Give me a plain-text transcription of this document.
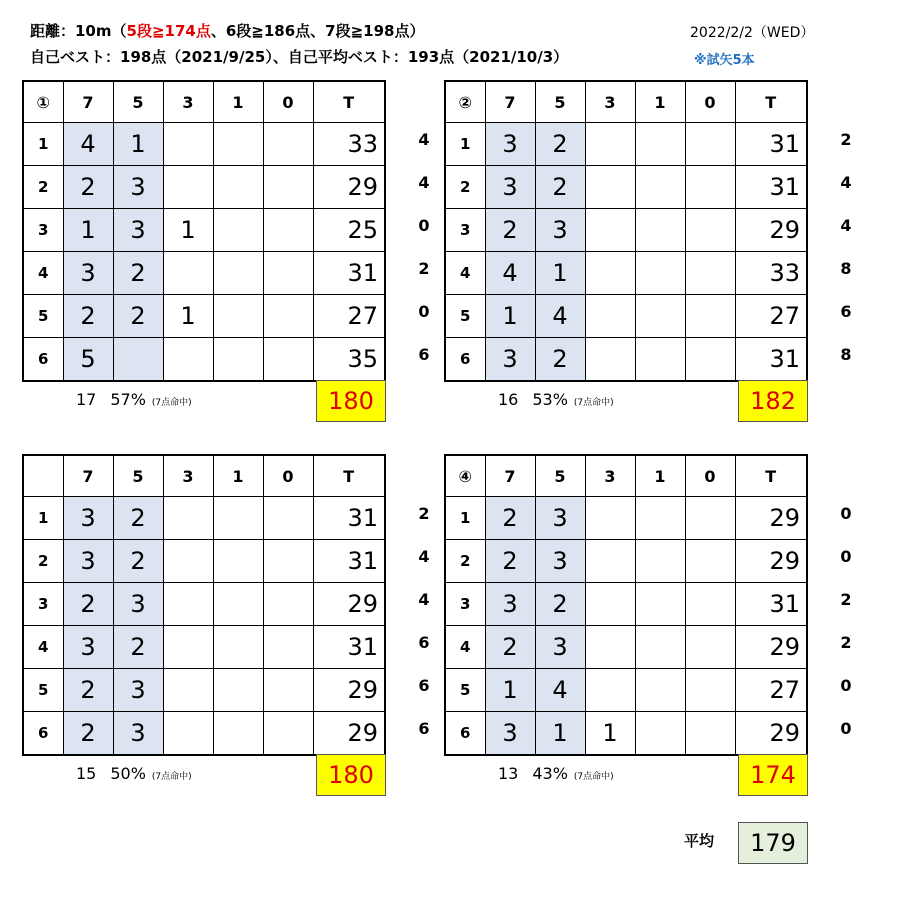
距離：10m（5段≧174点、6段≧186点、7段≧198点）
自己ベスト：198点（2021/9/25）、自己平均ベスト：193点（2021/10/3）
2022/2/2（WED）
※試矢5本
4
4
0
2
0
6
①	7	5	3	1	0	T
1	4	1				33
2	2	3				29
3	1	3	1			25
4	3	2				31
5	2	2	1			27
6	5					35
17 57% (7点命中)	180
2
4
4
8
6
8
②	7	5	3	1	0	T
1	3	2				31
2	3	2				31
3	2	3				29
4	4	1				33
5	1	4				27
6	3	2				31
16 53% (7点命中)	182
2
4
4
6
6
6
	7	5	3	1	0	T
1	3	2				31
2	3	2				31
3	2	3				29
4	3	2				31
5	2	3				29
6	2	3				29
15 50% (7点命中)	180
0
0
2
2
0
0
④	7	5	3	1	0	T
1	2	3				29
2	2	3				29
3	3	2				31
4	2	3				29
5	1	4				27
6	3	1	1			29
13 43% (7点命中)	174
平均	179
